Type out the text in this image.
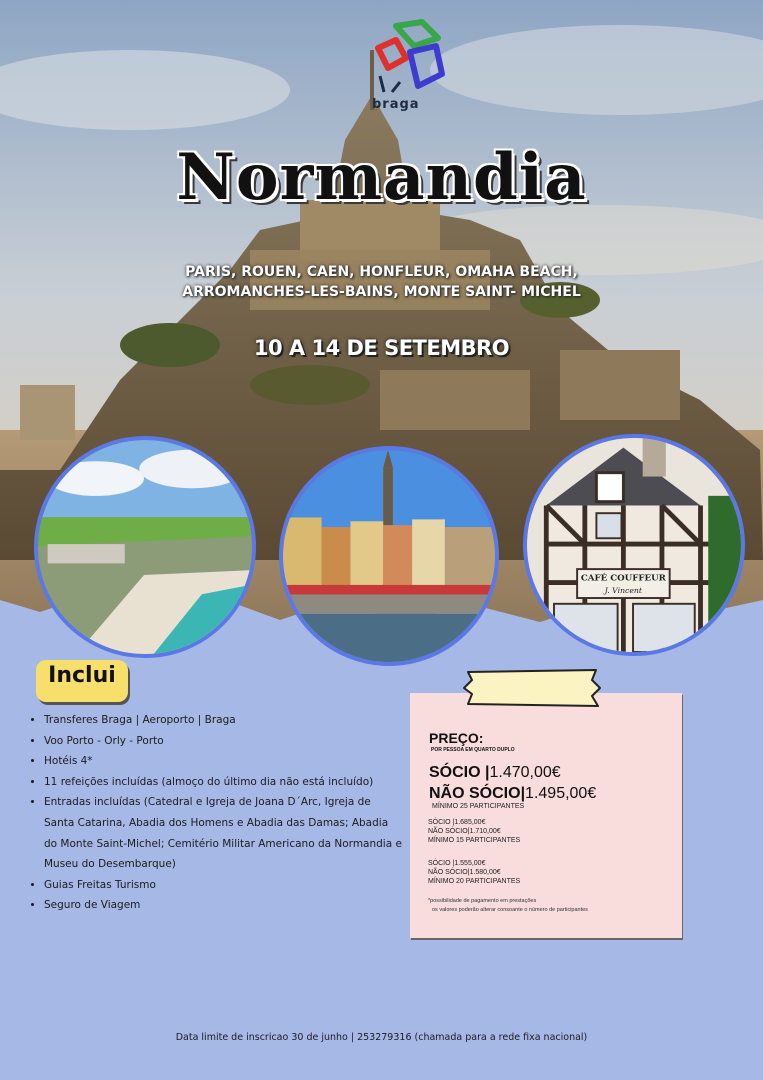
braga
Normandia
PARIS, ROUEN, CAEN, HONFLEUR, OMAHA BEACH,
ARROMANCHES-LES-BAINS, MONTE SAINT- MICHEL
10 A 14 DE SETEMBRO
CAFÉ COUFFEUR
J. Vincent
Inclui
• Transferes Braga | Aeroporto | Braga
• Voo Porto - Orly - Porto
• Hotéis 4*
• 11 refeições incluídas (almoço do último dia não está incluído)
• Entradas incluídas (Catedral e Igreja de Joana D´Arc, Igreja de Santa Catarina, Abadia dos Homens e Abadia das Damas; Abadia do Monte Saint-Michel; Cemitério Militar Americano da Normandia e Museu do Desembarque)
• Guias Freitas Turismo
• Seguro de Viagem
PREÇO:
POR PESSOA EM QUARTO DUPLO
SÓCIO |1.470,00€
NÃO SÓCIO|1.495,00€
MÍNIMO 25 PARTICIPANTES
SÓCIO |1.685,00€
NÃO SÓCIO|1.710,00€
MÍNIMO 15 PARTICIPANTES
SÓCIO |1.555,00€
NÃO SÓCIO|1.580,00€
MÍNIMO 20 PARTICIPANTES
*possibilidade de pagamento em prestações
os valores poderão alterar consoante o número de participantes
Data limite de inscricao 30 de junho | 253279316 (chamada para a rede fixa nacional)
